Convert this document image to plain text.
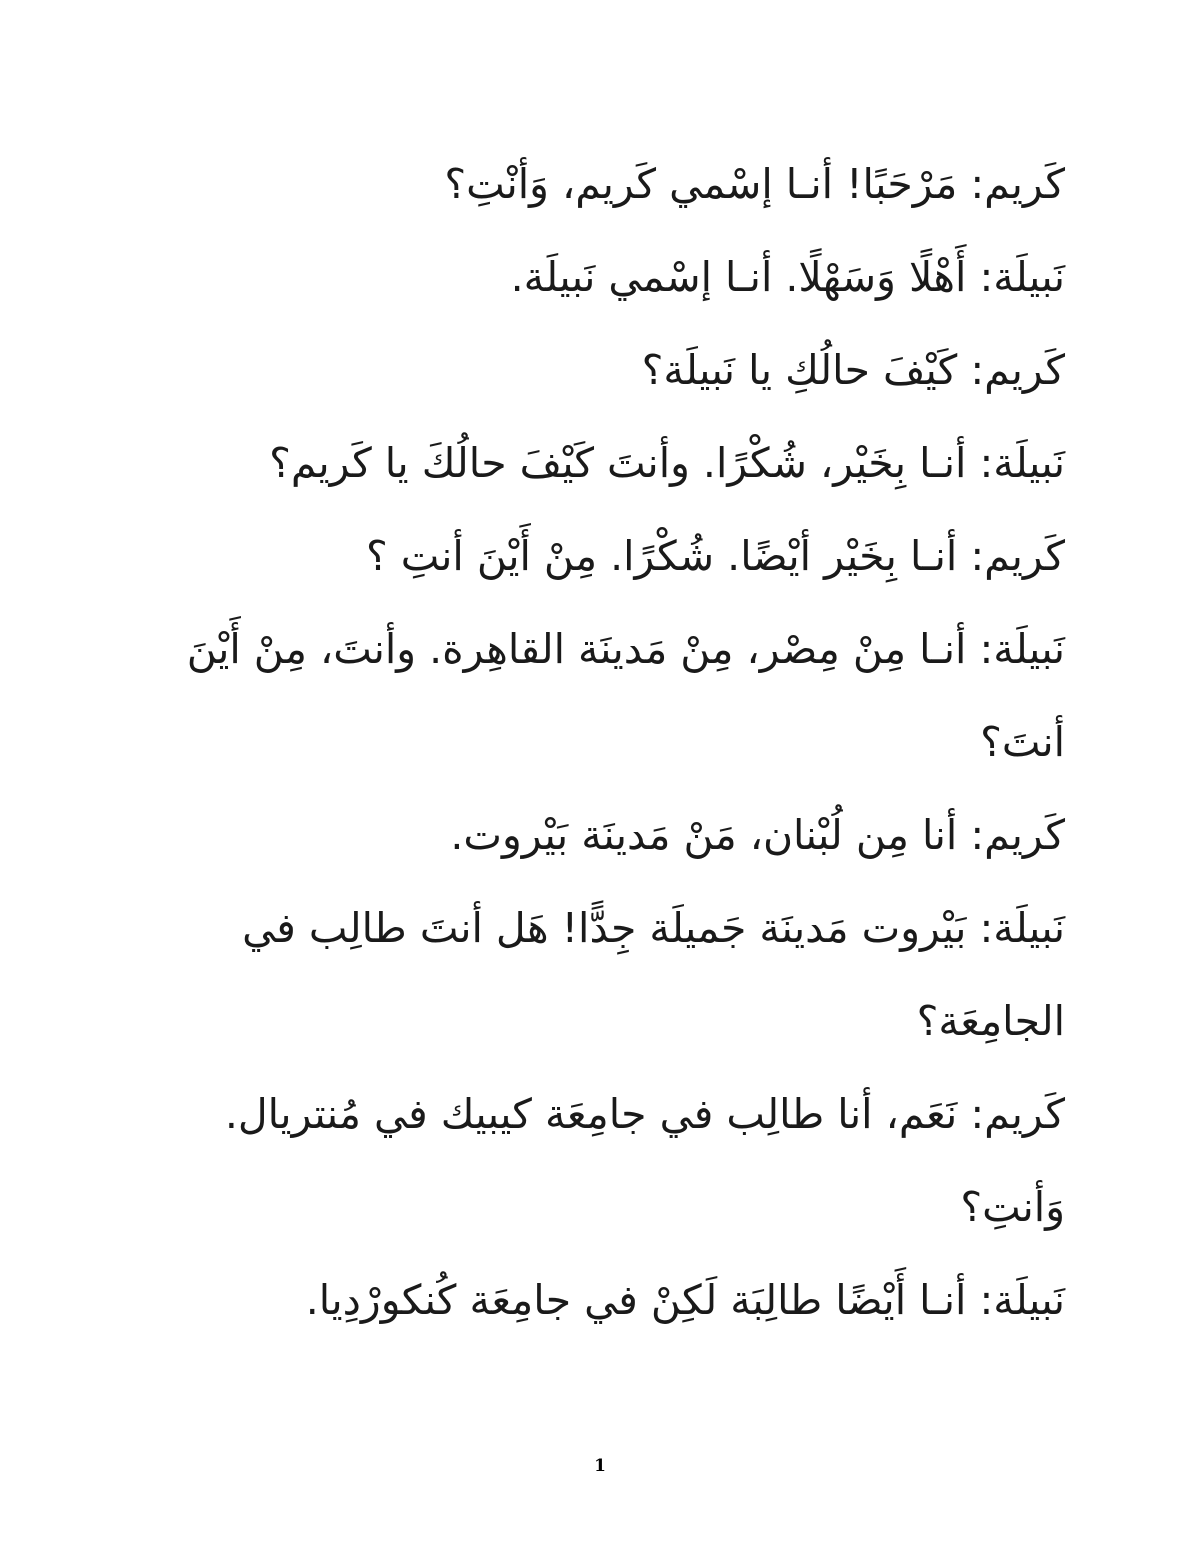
كَريم: مَرْحَبًا! أنـا إسْمي كَريم، وَأنْتِ؟

نَبيلَة: أَهْلًا وَسَهْلًا. أنـا إسْمي نَبيلَة.

كَريم: كَيْفَ حالُكِ يا نَبيلَة؟

نَبيلَة: أنـا بِخَيْر، شُكْرًا. وأنتَ كَيْفَ حالُكَ يا كَريم؟

كَريم: أنـا بِخَيْر أيْضًا. شُكْرًا. مِنْ أَيْنَ أنتِ ؟

نَبيلَة: أنـا مِنْ مِصْر، مِنْ مَدينَة القاهِرة. وأنتَ، مِنْ أَيْنَ أنتَ؟

كَريم: أنا مِن لُبْنان، مَنْ مَدينَة بَيْروت.

نَبيلَة: بَيْروت مَدينَة جَميلَة جِدًّا! هَل أنتَ طالِب في الجامِعَة؟

كَريم: نَعَم، أنا طالِب في جامِعَة كيبيك في مُنتريال. وَأنتِ؟

نَبيلَة: أنـا أَيْضًا طالِبَة لَكِنْ في جامِعَة كُنكورْدِيا.

1
